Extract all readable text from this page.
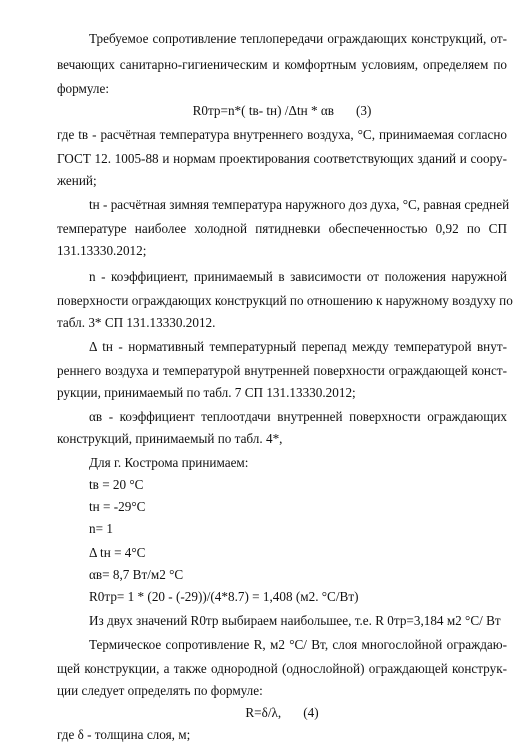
Требуемое сопротивление теплопередачи ограждающих конструкций, от-
вечающих санитарно-гигиеническим и комфортным условиям, определяем по
формуле:
R0тр=n*( tв- tн) /Δtн * αв (3)
где tв - расчётная температура внутреннего воздуха, °С, принимаемая согласно
ГОСТ 12. 1005-88 и нормам проектирования соответствующих зданий и соору-
жений;
tн - расчётная зимняя температура наружного доз духа, °С, равная средней
температуре наиболее холодной пятидневки обеспеченностью 0,92 по СП
131.13330.2012;
n - коэффициент, принимаемый в зависимости от положения наружной
поверхности ограждающих конструкций по отношению к наружному воздуху по
табл. 3* СП 131.13330.2012.
Δ tн - нормативный температурный перепад между температурой внут-
реннего воздуха и температурой внутренней поверхности ограждающей конст-
рукции, принимаемый по табл. 7 СП 131.13330.2012;
αв - коэффициент теплоотдачи внутренней поверхности ограждающих
конструкций, принимаемый по табл. 4*,
Для г. Кострома принимаем:
tв = 20 °С
tн = -29°С
n= 1
Δ tн = 4°С
αв= 8,7 Вт/м2 °С
R0тр= 1 * (20 - (-29))/(4*8.7) = 1,408 (м2. °С/Вт)
Из двух значений R0тр выбираем наибольшее, т.е. R 0тр=3,184 м2 °С/ Вт
Термическое сопротивление R, м2 °С/ Вт, слоя многослойной ограждаю-
щей конструкции, а также однородной (однослойной) ограждающей конструк-
ции следует определять по формуле:
R=δ/λ, (4)
где δ - толщина слоя, м;
